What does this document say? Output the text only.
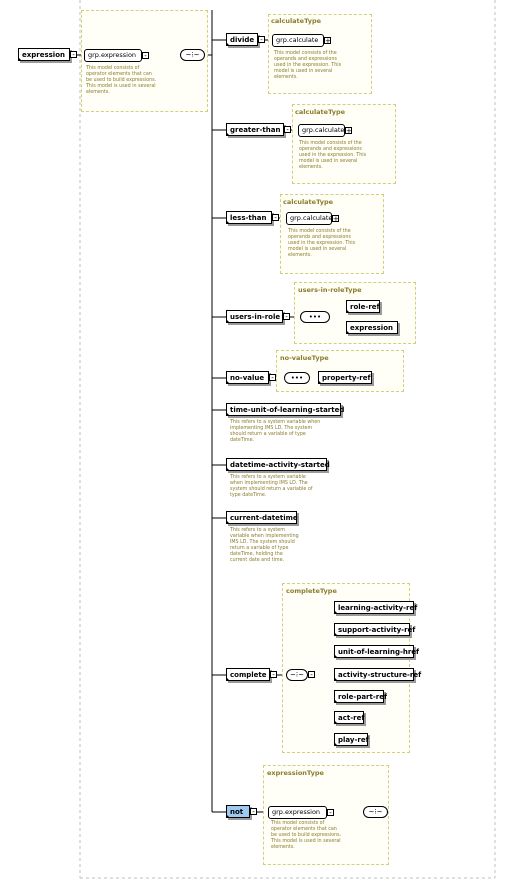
expression	-	grp.expression	-
This model consists of
operator elements that can
be used to build expressions.
This model is used in several
elements.
~⁝~
divide -
calculateType
grp.calculate +
This model consists of the
operands and expressions
used in the expression. This
model is used in several
elements.
greater-than -
calculateType
grp.calculate +
This model consists of the
operands and expressions
used in the expression. This
model is used in several
elements.
less-than	-
calculateType
grp.calculate +
This model consists of the
operands and expressions
used in the expression. This
model is used in several
elements.
users-in-role -
users-in-roleType
•••
role-ref
expression
no-value	-
no-valueType
•••	property-ref
time-unit-of-learning-started
This refers to a system variable when
implementing IMS LD. The system
should return a variable of type
dateTime.
datetime-activity-started
This refers to a system variable
when implementing IMS LD. The
system should return a variable of
type dateTime.
current-datetime
This refers to a system
variable when implementing
IMS LD. The system should
return a variable of type
dateTime, holding the
current date and time.
complete -
completeType
~⁝~ -
learning-activity-ref
support-activity-ref
unit-of-learning-href
activity-structure-ref
role-part-ref
act-ref
play-ref
not	-
expressionType
grp.expression	-
This model consists of
operator elements that can
be used to build expressions.
This model is used in several
elements.
~⁝~
